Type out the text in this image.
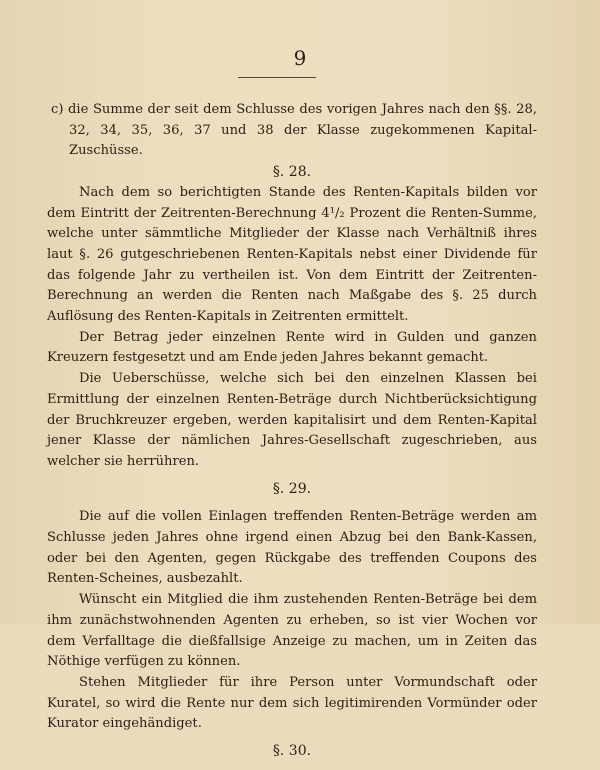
9

c) die Summe der seit dem Schlusse des vorigen Jahres nach den §§. 28, 32, 34, 35, 36, 37 und 38 der Klasse zugekommenen Kapital-Zuschüsse.

§. 28.

Nach dem so berichtigten Stande des Renten-Kapitals bilden vor dem Eintritt der Zeitrenten-Berechnung 4¹/₂ Prozent die Renten-Summe, welche unter sämmtliche Mitglieder der Klasse nach Verhältniß ihres laut §. 26 gutgeschriebenen Renten-Kapitals nebst einer Dividende für das folgende Jahr zu vertheilen ist. Von dem Eintritt der Zeitrenten-Berechnung an werden die Renten nach Maßgabe des §. 25 durch Auflösung des Renten-Kapitals in Zeitrenten ermittelt.

Der Betrag jeder einzelnen Rente wird in Gulden und ganzen Kreuzern festgesetzt und am Ende jeden Jahres bekannt gemacht.

Die Ueberschüsse, welche sich bei den einzelnen Klassen bei Ermittlung der einzelnen Renten-Beträge durch Nichtberücksichtigung der Bruchkreuzer ergeben, werden kapitalisirt und dem Renten-Kapital jener Klasse der nämlichen Jahres-Gesellschaft zugeschrieben, aus welcher sie herrühren.

§. 29.

Die auf die vollen Einlagen treffenden Renten-Beträge werden am Schlusse jeden Jahres ohne irgend einen Abzug bei den Bank-Kassen, oder bei den Agenten, gegen Rückgabe des treffenden Coupons des Renten-Scheines, ausbezahlt.

Wünscht ein Mitglied die ihm zustehenden Renten-Beträge bei dem ihm zunächstwohnenden Agenten zu erheben, so ist vier Wochen vor dem Verfalltage die dießfallsige Anzeige zu machen, um in Zeiten das Nöthige verfügen zu können.

Stehen Mitglieder für ihre Person unter Vormundschaft oder Kuratel, so wird die Rente nur dem sich legitimirenden Vormünder oder Kurator eingehändiget.

§. 30.
